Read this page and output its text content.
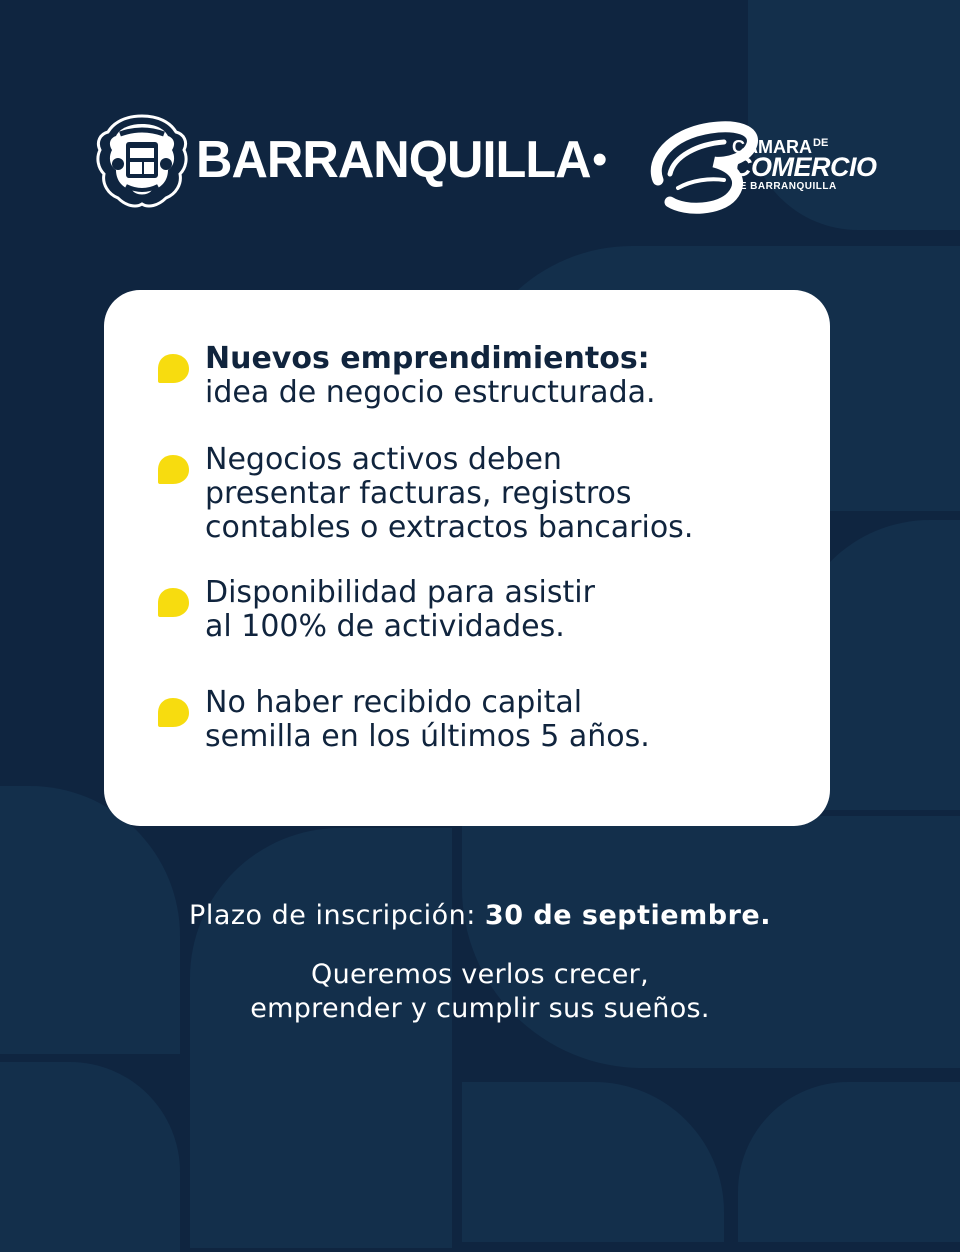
BARRANQUILLA •	$CÁMARA^{DE}$
COMERCIO
DE BARRANQUILLA

Nuevos emprendimientos:
idea de negocio estructurada.

Negocios activos deben
presentar facturas, registros
contables o extractos bancarios.

Disponibilidad para asistir
al 100% de actividades.

No haber recibido capital
semilla en los últimos 5 años.

Plazo de inscripción: 30 de septiembre.

Queremos verlos crecer,
emprender y cumplir sus sueños.
